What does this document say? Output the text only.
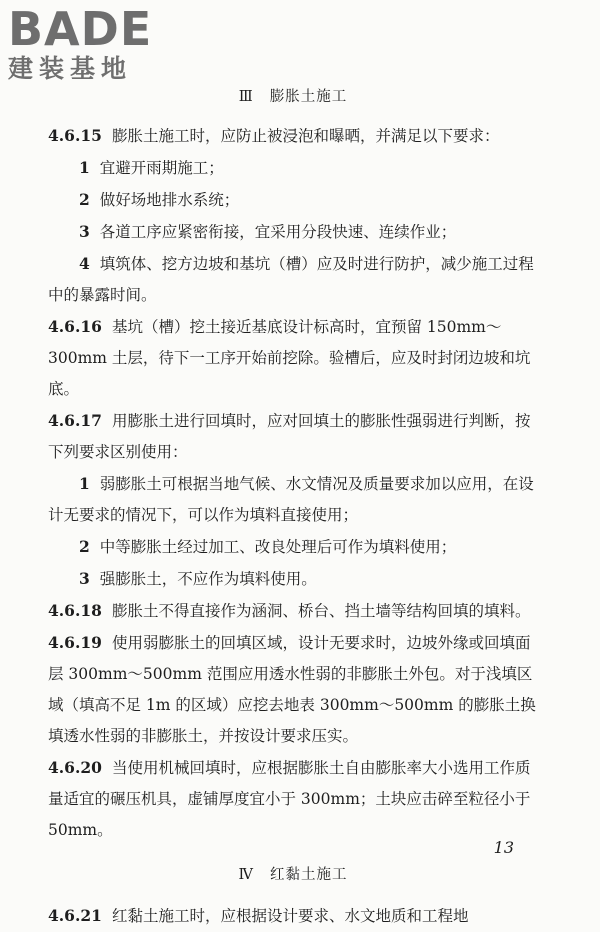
BADE
建装基地
Ⅲ 膨胀土施工

4.6.15 膨胀土施工时，应防止被浸泡和曝晒，并满足以下要求：

1 宜避开雨期施工；

2 做好场地排水系统；

3 各道工序应紧密衔接，宜采用分段快速、连续作业；

4 填筑体、挖方边坡和基坑（槽）应及时进行防护，减少施工过程中的暴露时间。

4.6.16 基坑（槽）挖土接近基底设计标高时，宜预留 150mm～300mm 土层，待下一工序开始前挖除。验槽后，应及时封闭边坡和坑底。

4.6.17 用膨胀土进行回填时，应对回填土的膨胀性强弱进行判断，按下列要求区别使用：

1 弱膨胀土可根据当地气候、水文情况及质量要求加以应用，在设计无要求的情况下，可以作为填料直接使用；

2 中等膨胀土经过加工、改良处理后可作为填料使用；

3 强膨胀土，不应作为填料使用。

4.6.18 膨胀土不得直接作为涵洞、桥台、挡土墙等结构回填的填料。

4.6.19 使用弱膨胀土的回填区域，设计无要求时，边坡外缘或回填面层 300mm～500mm 范围应用透水性弱的非膨胀土外包。对于浅填区域（填高不足 1m 的区域）应挖去地表 300mm～500mm 的膨胀土换填透水性弱的非膨胀土，并按设计要求压实。

4.6.20 当使用机械回填时，应根据膨胀土自由膨胀率大小选用工作质量适宜的碾压机具，虚铺厚度宜小于 300mm；土块应击碎至粒径小于 50mm。

Ⅳ 红黏土施工

4.6.21 红黏土施工时，应根据设计要求、水文地质和工程地

13
